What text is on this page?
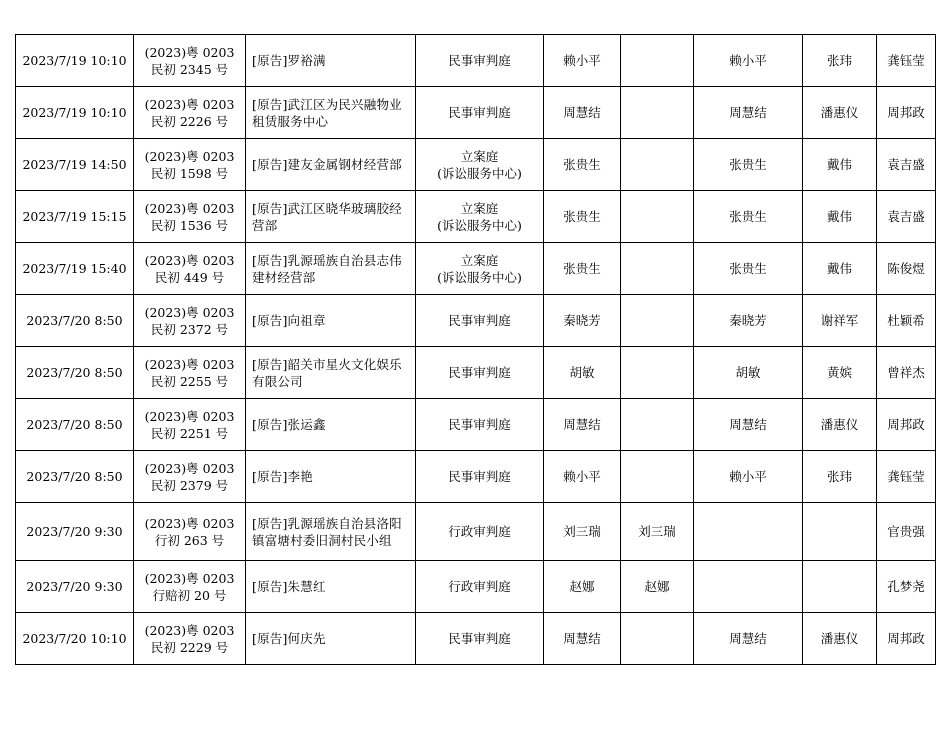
2023/7/19 10:10	(2023)粤 0203
民初 2345 号	[原告]罗裕满	民事审判庭	赖小平		赖小平	张玮	龚钰莹
2023/7/19 10:10	(2023)粤 0203
民初 2226 号	[原告]武江区为民兴融物业租赁服务中心	民事审判庭	周慧结		周慧结	潘惠仪	周邦政
2023/7/19 14:50	(2023)粤 0203
民初 1598 号	[原告]建友金属钢材经营部	立案庭
(诉讼服务中心)	张贵生		张贵生	戴伟	袁吉盛
2023/7/19 15:15	(2023)粤 0203
民初 1536 号	[原告]武江区晓华玻璃胶经营部	立案庭
(诉讼服务中心)	张贵生		张贵生	戴伟	袁吉盛
2023/7/19 15:40	(2023)粤 0203
民初 449 号	[原告]乳源瑶族自治县志伟建材经营部	立案庭
(诉讼服务中心)	张贵生		张贵生	戴伟	陈俊煜
2023/7/20 8:50	(2023)粤 0203
民初 2372 号	[原告]向祖章	民事审判庭	秦晓芳		秦晓芳	谢祥军	杜颖希
2023/7/20 8:50	(2023)粤 0203
民初 2255 号	[原告]韶关市星火文化娱乐有限公司	民事审判庭	胡敏		胡敏	黄嫔	曾祥杰
2023/7/20 8:50	(2023)粤 0203
民初 2251 号	[原告]张运鑫	民事审判庭	周慧结		周慧结	潘惠仪	周邦政
2023/7/20 8:50	(2023)粤 0203
民初 2379 号	[原告]李艳	民事审判庭	赖小平		赖小平	张玮	龚钰莹
2023/7/20 9:30	(2023)粤 0203
行初 263 号	[原告]乳源瑶族自治县洛阳镇富塘村委旧洞村民小组	行政审判庭	刘三瑞	刘三瑞			官贵强
2023/7/20 9:30	(2023)粤 0203
行赔初 20 号	[原告]朱慧红	行政审判庭	赵娜	赵娜			孔梦尧
2023/7/20 10:10	(2023)粤 0203
民初 2229 号	[原告]何庆先	民事审判庭	周慧结		周慧结	潘惠仪	周邦政
